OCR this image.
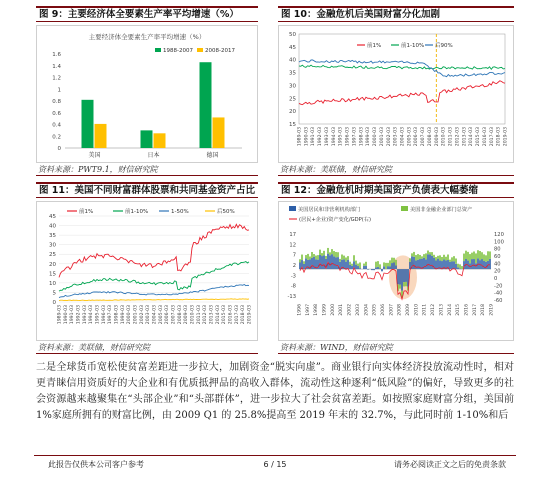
图 9：主要经济体全要素生产率平均增速（%）
主要经济体全要素生产率平均增速（%）
0
0.2
0.4
0.6
0.8
1
1.2
1.4
1.6
1988-2007 2008-2017
美国	日本	德国
资料来源：PWT9.1，财信研究院
图 10：金融危机后美国财富分化加剧
15
20
25
30
35
40
45
50
1989-03 1990-03 1991-03 1992-03 1993-03 1994-03 1995-03 1996-03 1997-03 1998-03 1999-03 2000-03 2001-03 2002-03 2003-03 2004-03 2005-03 2006-03 2007-03 2008-03 2009-03 2010-03 2011-03 2012-03 2013-03 2014-03 2015-03 2016-03 2017-03 2018-03 2019-03
前1%	前1-10% 后90%
资料来源：美联储，财信研究院
图 11：美国不同财富群体股票和共同基金资产占比
0
5
10
15
20
25
30
35
40
45
1989-03 1990-03 1991-03 1992-03 1993-03 1994-03 1995-03 1996-03 1997-03 1998-03 1999-03 2000-03 2001-03 2002-03 2003-03 2004-03 2005-03 2006-03 2007-03 2008-03 2009-03 2010-03 2011-03 2012-03 2013-03 2014-03 2015-03 2016-03 2017-03 2018-03 2019-03
前1%	前1-10%	1-50%	后50%
资料来源：美联储，财信研究院
图 12：金融危机时期美国资产负债表大幅萎缩
美国居民和非营利机构部门	美国非金融企业部门总资产
(居民+企业)资产变化/GDP(右)
17
12
7
2
-3
-8
-13
120
100
80
60
40
20
0
-20
-40
-60
1996 1997 1998 1999 2000 2001 2002 2003 2004 2005 2006 2007 2008 2009 2010 2011 2012 2013 2014 2015 2016 2017 2018 2019
资料来源：WIND，财信研究院
二是全球货币宽松使贫富差距进一步拉大，加剧资金“脱实向虚”。商业银行向实体经济投放流动性时，相对更青睐信用资质好的大企业和有优质抵押品的高收入群体，流动性这种逐利“低风险”的偏好，导致更多的社会资源越来越聚集在“头部企业”和“头部群体”，进一步拉大了社会贫富差距。如按照家庭财富分组，美国前 1%家庭所拥有的财富比例，由 2009 Q1 的 25.8%提高至 2019 年末的 32.7%，与此同时前 1-10%和后
此报告仅供本公司客户参考	6 / 15	请务必阅读正文之后的免责条款
